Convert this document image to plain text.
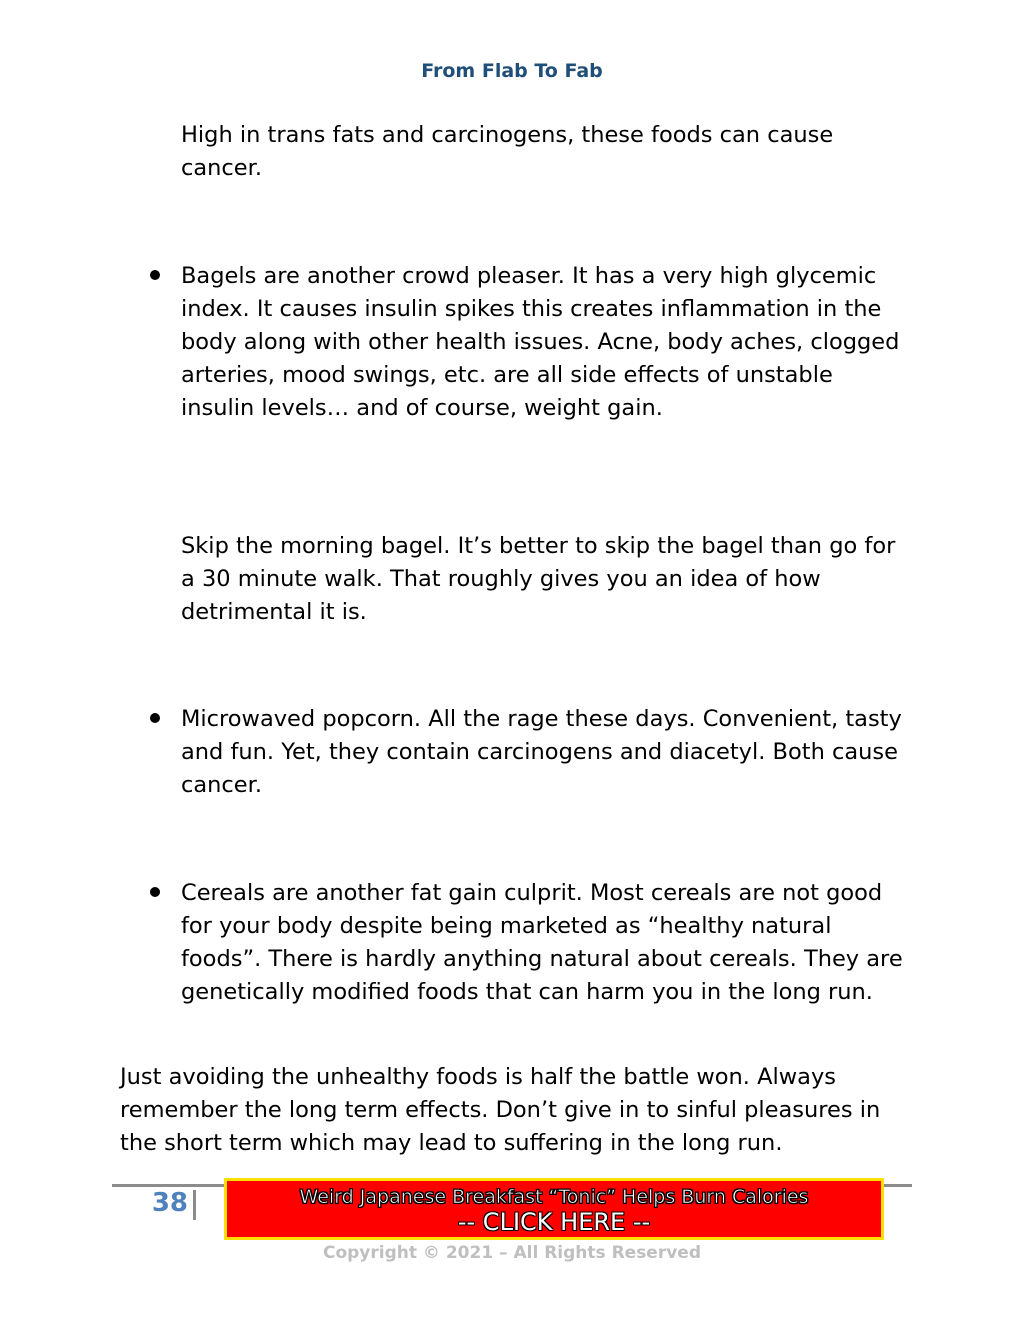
From Flab To Fab

High in trans fats and carcinogens, these foods can cause cancer.

Bagels are another crowd pleaser. It has a very high glycemic index. It causes insulin spikes this creates inflammation in the body along with other health issues. Acne, body aches, clogged arteries, mood swings, etc. are all side effects of unstable insulin levels… and of course, weight gain.

Skip the morning bagel. It’s better to skip the bagel than go for a 30 minute walk. That roughly gives you an idea of how detrimental it is.

Microwaved popcorn. All the rage these days. Convenient, tasty and fun. Yet, they contain carcinogens and diacetyl. Both cause cancer.

Cereals are another fat gain culprit. Most cereals are not good for your body despite being marketed as “healthy natural foods”. There is hardly anything natural about cereals. They are genetically modified foods that can harm you in the long run.

Just avoiding the unhealthy foods is half the battle won. Always remember the long term effects. Don’t give in to sinful pleasures in the short term which may lead to suffering in the long run.

38	Weird Japanese Breakfast “Tonic” Helps Burn Calories
-- CLICK HERE --
Copyright © 2021 – All Rights Reserved
